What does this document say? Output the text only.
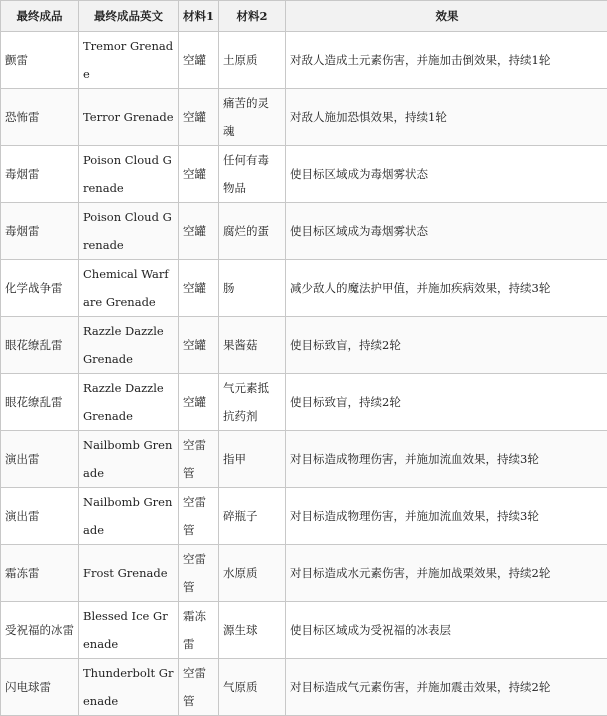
最终成品	最终成品英文	材料1	材料2	效果
颤雷	Tremor Grenade	空罐	土原质	对敌人造成土元素伤害，并施加击倒效果，持续1轮
恐怖雷	Terror Grenade	空罐	痛苦的灵魂	对敌人施加恐惧效果，持续1轮
毒烟雷	Poison Cloud Grenade	空罐	任何有毒物品	使目标区域成为毒烟雾状态
毒烟雷	Poison Cloud Grenade	空罐	腐烂的蛋	使目标区域成为毒烟雾状态
化学战争雷	Chemical Warfare Grenade	空罐	肠	减少敌人的魔法护甲值，并施加疾病效果，持续3轮
眼花缭乱雷	Razzle Dazzle Grenade	空罐	果酱菇	使目标致盲，持续2轮
眼花缭乱雷	Razzle Dazzle Grenade	空罐	气元素抵抗药剂	使目标致盲，持续2轮
演出雷	Nailbomb Grenade	空雷管	指甲	对目标造成物理伤害，并施加流血效果，持续3轮
演出雷	Nailbomb Grenade	空雷管	碎瓶子	对目标造成物理伤害，并施加流血效果，持续3轮
霜冻雷	Frost Grenade	空雷管	水原质	对目标造成水元素伤害，并施加战栗效果，持续2轮
受祝福的冰雷	Blessed Ice Grenade	霜冻雷	源生球	使目标区域成为受祝福的冰表层
闪电球雷	Thunderbolt Grenade	空雷管	气原质	对目标造成气元素伤害，并施加震击效果，持续2轮
